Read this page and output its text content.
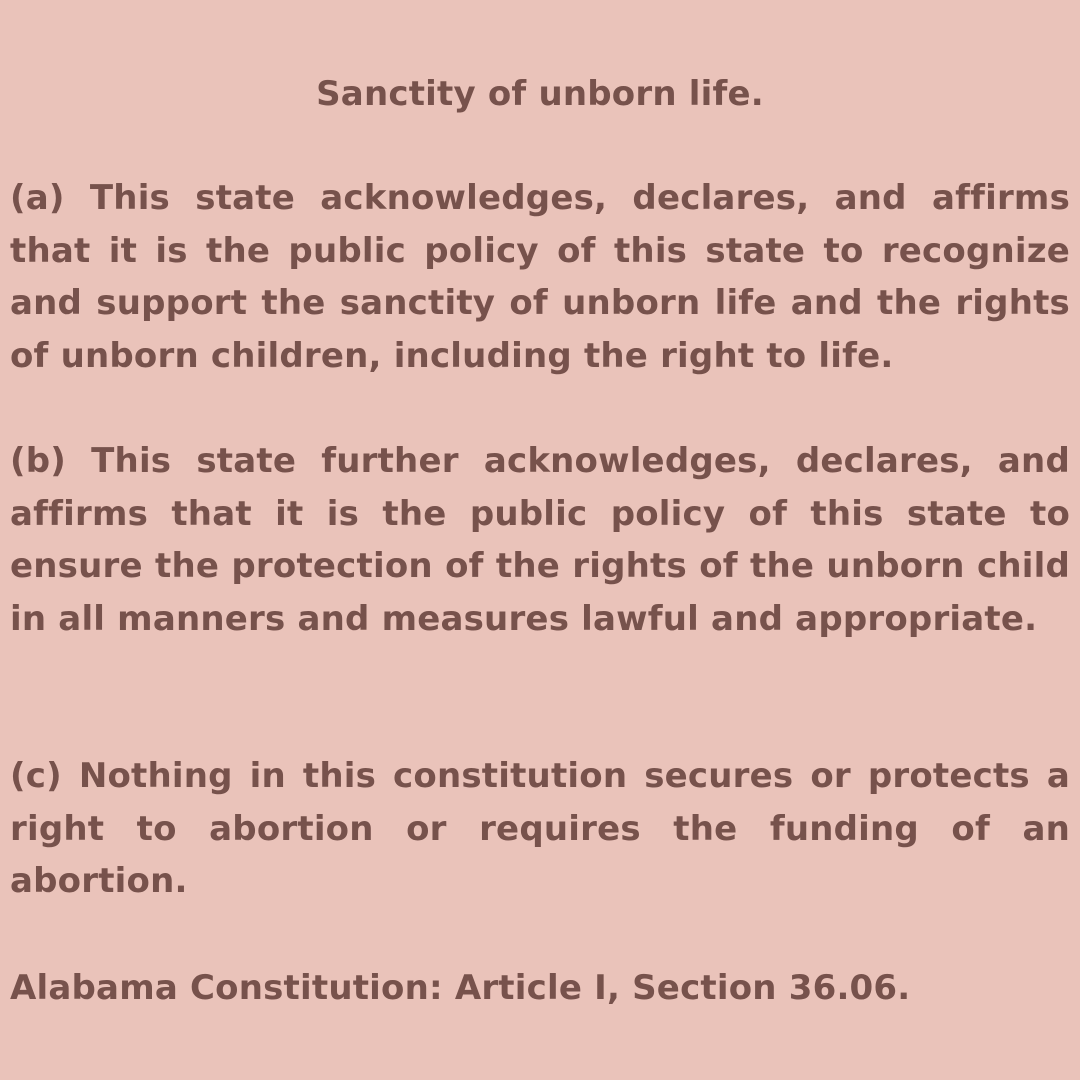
Sanctity of unborn life.

(a) This state acknowledges, declares, and affirms that it is the public policy of this state to recognize and support the sanctity of unborn life and the rights of unborn children, including the right to life.

(b) This state further acknowledges, declares, and affirms that it is the public policy of this state to ensure the protection of the rights of the unborn child in all manners and measures lawful and appropriate.

(c) Nothing in this constitution secures or protects a right to abortion or requires the funding of an abortion.

Alabama Constitution: Article I, Section 36.06.
